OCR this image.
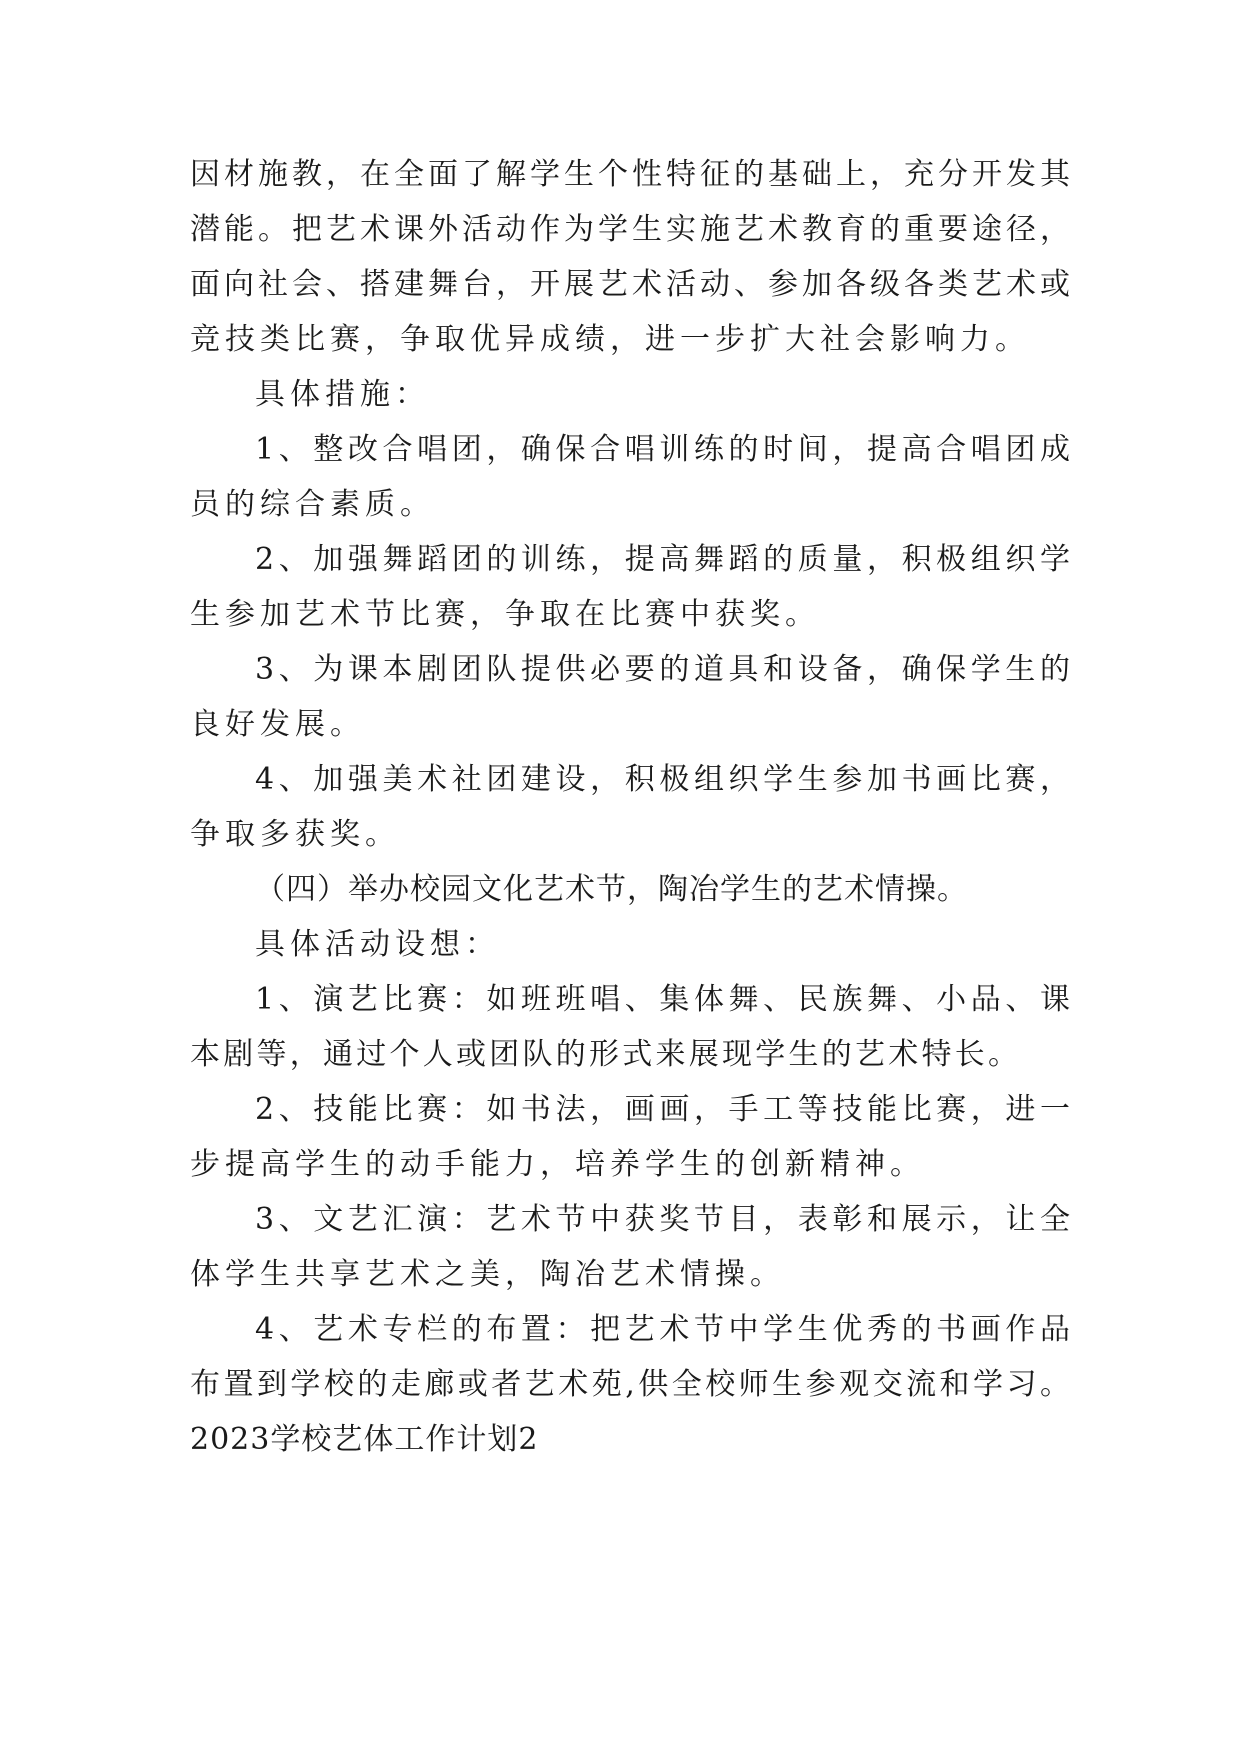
因材施教，在全面了解学生个性特征的基础上，充分开发其
潜能。把艺术课外活动作为学生实施艺术教育的重要途径，
面向社会、搭建舞台，开展艺术活动、参加各级各类艺术或
竞技类比赛，争取优异成绩，进一步扩大社会影响力。
具体措施：
1、整改合唱团，确保合唱训练的时间，提高合唱团成
员的综合素质。
2、加强舞蹈团的训练，提高舞蹈的质量，积极组织学
生参加艺术节比赛，争取在比赛中获奖。
3、为课本剧团队提供必要的道具和设备，确保学生的
良好发展。
4、加强美术社团建设，积极组织学生参加书画比赛，
争取多获奖。
（四）举办校园文化艺术节，陶冶学生的艺术情操。
具体活动设想：
1、演艺比赛：如班班唱、集体舞、民族舞、小品、课
本剧等，通过个人或团队的形式来展现学生的艺术特长。
2、技能比赛：如书法，画画，手工等技能比赛，进一
步提高学生的动手能力，培养学生的创新精神。
3、文艺汇演：艺术节中获奖节目，表彰和展示，让全
体学生共享艺术之美，陶冶艺术情操。
4、艺术专栏的布置：把艺术节中学生优秀的书画作品
布置到学校的走廊或者艺术苑,供全校师生参观交流和学习。
2023学校艺体工作计划2
